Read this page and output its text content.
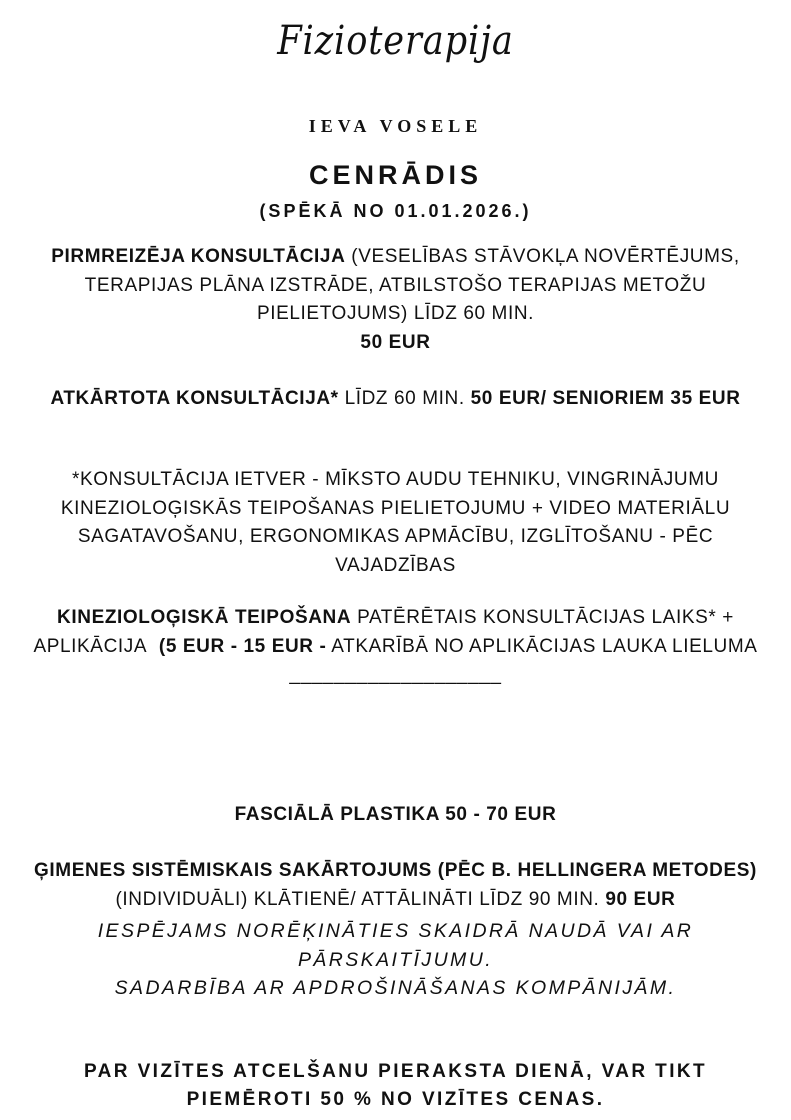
Fizioterapija
IEVA VOSELE
CENRĀDIS
(SPĒKĀ NO 01.01.2026.)
PIRMREIZĒJA KONSULTĀCIJA (VESELĪBAS STĀVOKĻA NOVĒRTĒJUMS, TERAPIJAS PLĀNA IZSTRĀDE, ATBILSTOŠO TERAPIJAS METOŽU PIELIETOJUMS) LĪDZ 60 MIN.
50 EUR
ATKĀRTOTA KONSULTĀCIJA* LĪDZ 60 MIN. 50 EUR/ SENIORIEM 35 EUR
*KONSULTĀCIJA IETVER - MĪKSTO AUDU TEHNIKU, VINGRINĀJUMU KINEZIOLOĢISKĀS TEIPOŠANAS PIELIETOJUMU + VIDEO MATERIĀLU SAGATAVOŠANU, ERGONOMIKAS APMĀCĪBU, IZGLĪTOŠANU - PĒC VAJADZĪBAS
KINEZIOLOĢISKĀ TEIPOŠANA PATĒRĒTAIS KONSULTĀCIJAS LAIKS* + APLIKĀCIJA (5 EUR - 15 EUR - ATKARĪBĀ NO APLIKĀCIJAS LAUKA LIELUMA
___________________
FASCIĀLĀ PLASTIKA 50 - 70 EUR
ĢIMENES SISTĒMISKAIS SAKĀRTOJUMS (PĒC B. HELLINGERA METODES) (INDIVIDUĀLI) KLĀTIENĒ/ ATTĀLINĀTI LĪDZ 90 MIN. 90 EUR
IESPĒJAMS NORĒĶINĀTIES SKAIDRĀ NAUDĀ VAI AR PĀRSKAITĪJUMU.
SADARBĪBA AR APDROŠINĀŠANAS KOMPĀNIJĀM.
PAR VIZĪTES ATCELŠANU PIERAKSTA DIENĀ, VAR TIKT PIEMĒROTI 50 % NO VIZĪTES CENAS.
